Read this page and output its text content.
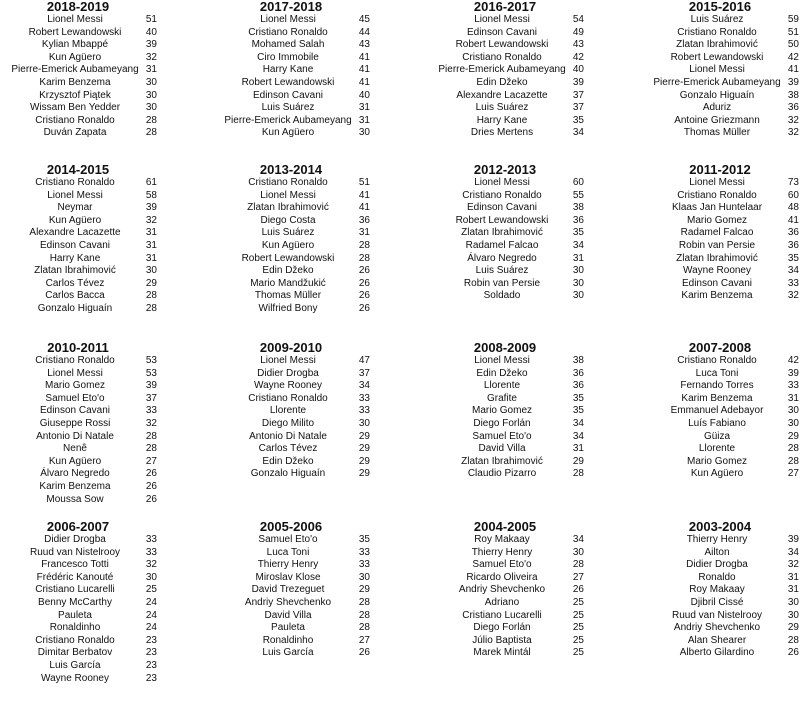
2018-2019
Lionel Messi	51
Robert Lewandowski	40
Kylian Mbappé	39
Kun Agüero	32
Pierre-Emerick Aubameyang 31
Karim Benzema	30
Krzysztof Piątek	30
Wissam Ben Yedder	30
Cristiano Ronaldo	28
Duván Zapata	28
2017-2018
Lionel Messi	45
Cristiano Ronaldo	44
Mohamed Salah	43
Ciro Immobile	41
Harry Kane	41
Robert Lewandowski	41
Edinson Cavani	40
Luis Suárez	31
Pierre-Emerick Aubameyang 31
Kun Agüero	30
2016-2017
Lionel Messi	54
Edinson Cavani	49
Robert Lewandowski	43
Cristiano Ronaldo	42
Pierre-Emerick Aubameyang 40
Edin Džeko	39
Alexandre Lacazette	37
Luis Suárez	37
Harry Kane	35
Dries Mertens	34
2015-2016
Luis Suárez	59
Cristiano Ronaldo	51
Zlatan Ibrahimović	50
Robert Lewandowski	42
Lionel Messi	41
Pierre-Emerick Aubameyang 39
Gonzalo Higuaín	38
Aduriz	36
Antoine Griezmann	32
Thomas Müller	32
2014-2015
Cristiano Ronaldo	61
Lionel Messi	58
Neymar	39
Kun Agüero	32
Alexandre Lacazette	31
Edinson Cavani	31
Harry Kane	31
Zlatan Ibrahimović	30
Carlos Tévez	29
Carlos Bacca	28
Gonzalo Higuaín	28
2013-2014
Cristiano Ronaldo	51
Lionel Messi	41
Zlatan Ibrahimović	41
Diego Costa	36
Luis Suárez	31
Kun Agüero	28
Robert Lewandowski	28
Edin Džeko	26
Mario Mandžukić	26
Thomas Müller	26
Wilfried Bony	26
2012-2013
Lionel Messi	60
Cristiano Ronaldo	55
Edinson Cavani	38
Robert Lewandowski	36
Zlatan Ibrahimović	35
Radamel Falcao	34
Álvaro Negredo	31
Luis Suárez	30
Robin van Persie	30
Soldado	30
2011-2012
Lionel Messi	73
Cristiano Ronaldo	60
Klaas Jan Huntelaar	48
Mario Gomez	41
Radamel Falcao	36
Robin van Persie	36
Zlatan Ibrahimović	35
Wayne Rooney	34
Edinson Cavani	33
Karim Benzema	32
2010-2011
Cristiano Ronaldo	53
Lionel Messi	53
Mario Gomez	39
Samuel Eto'o	37
Edinson Cavani	33
Giuseppe Rossi	32
Antonio Di Natale	28
Nenê	28
Kun Agüero	27
Álvaro Negredo	26
Karim Benzema	26
Moussa Sow	26
2009-2010
Lionel Messi	47
Didier Drogba	37
Wayne Rooney	34
Cristiano Ronaldo	33
Llorente	33
Diego Milito	30
Antonio Di Natale	29
Carlos Tévez	29
Edin Džeko	29
Gonzalo Higuaín	29
2008-2009
Lionel Messi	38
Edin Džeko	36
Llorente	36
Grafite	35
Mario Gomez	35
Diego Forlán	34
Samuel Eto'o	34
David Villa	31
Zlatan Ibrahimović	29
Claudio Pizarro	28
2007-2008
Cristiano Ronaldo	42
Luca Toni	39
Fernando Torres	33
Karim Benzema	31
Emmanuel Adebayor	30
Luís Fabiano	30
Güiza	29
Llorente	28
Mario Gomez	28
Kun Agüero	27
2006-2007
Didier Drogba	33
Ruud van Nistelrooy	33
Francesco Totti	32
Frédéric Kanouté	30
Cristiano Lucarelli	25
Benny McCarthy	24
Pauleta	24
Ronaldinho	24
Cristiano Ronaldo	23
Dimitar Berbatov	23
Luis García	23
Wayne Rooney	23
2005-2006
Samuel Eto'o	35
Luca Toni	33
Thierry Henry	33
Miroslav Klose	30
David Trezeguet	29
Andriy Shevchenko	28
David Villa	28
Pauleta	28
Ronaldinho	27
Luis García	26
2004-2005
Roy Makaay	34
Thierry Henry	30
Samuel Eto'o	28
Ricardo Oliveira	27
Andriy Shevchenko	26
Adriano	25
Cristiano Lucarelli	25
Diego Forlán	25
Júlio Baptista	25
Marek Mintál	25
2003-2004
Thierry Henry	39
Ailton	34
Didier Drogba	32
Ronaldo	31
Roy Makaay	31
Djibril Cissé	30
Ruud van Nistelrooy	30
Andriy Shevchenko	29
Alan Shearer	28
Alberto Gilardino	26
